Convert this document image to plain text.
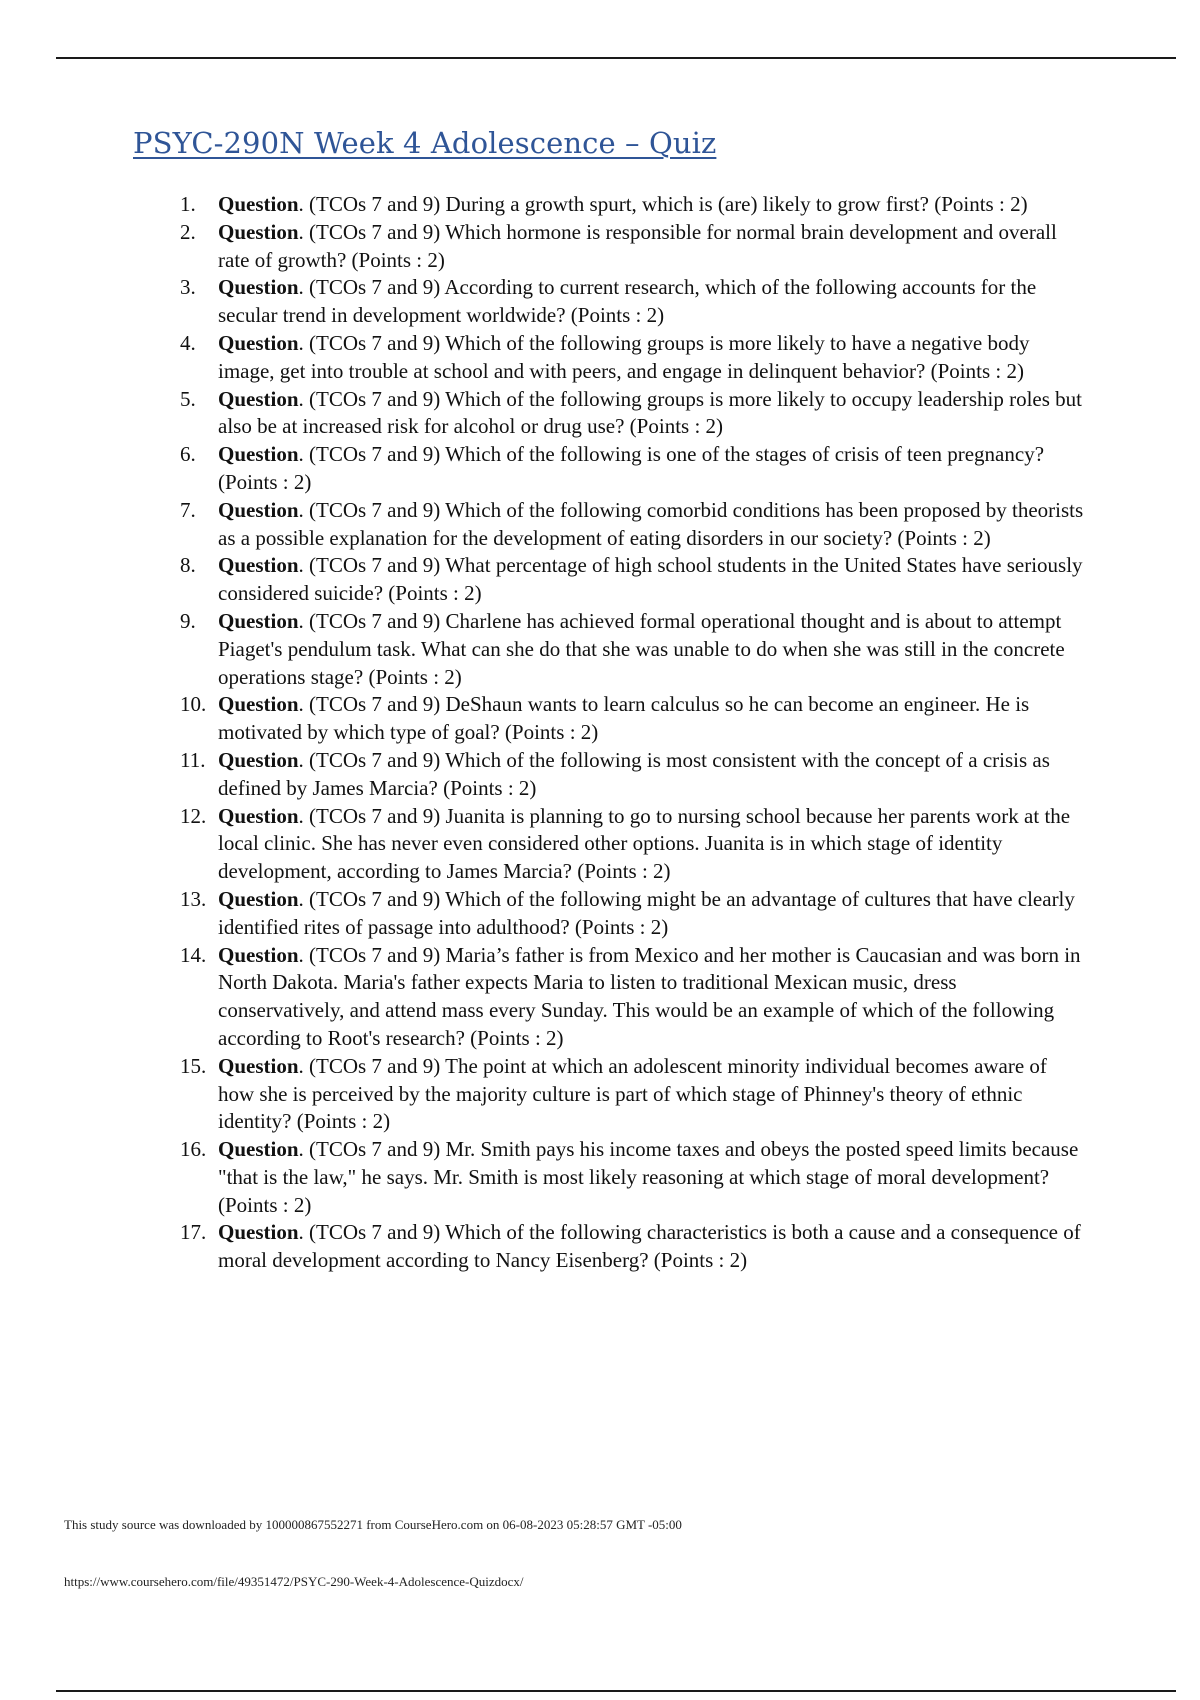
PSYC-290N Week 4 Adolescence – Quiz
1. Question. (TCOs 7 and 9) During a growth spurt, which is (are) likely to grow first? (Points : 2)
2. Question. (TCOs 7 and 9) Which hormone is responsible for normal brain development and overall rate of growth? (Points : 2)
3. Question. (TCOs 7 and 9) According to current research, which of the following accounts for the secular trend in development worldwide? (Points : 2)
4. Question. (TCOs 7 and 9) Which of the following groups is more likely to have a negative body image, get into trouble at school and with peers, and engage in delinquent behavior? (Points : 2)
5. Question. (TCOs 7 and 9) Which of the following groups is more likely to occupy leadership roles but also be at increased risk for alcohol or drug use? (Points : 2)
6. Question. (TCOs 7 and 9) Which of the following is one of the stages of crisis of teen pregnancy? (Points : 2)
7. Question. (TCOs 7 and 9) Which of the following comorbid conditions has been proposed by theorists as a possible explanation for the development of eating disorders in our society? (Points : 2)
8. Question. (TCOs 7 and 9) What percentage of high school students in the United States have seriously considered suicide? (Points : 2)
9. Question. (TCOs 7 and 9) Charlene has achieved formal operational thought and is about to attempt Piaget's pendulum task. What can she do that she was unable to do when she was still in the concrete operations stage? (Points : 2)
10. Question. (TCOs 7 and 9) DeShaun wants to learn calculus so he can become an engineer. He is motivated by which type of goal? (Points : 2)
11. Question. (TCOs 7 and 9) Which of the following is most consistent with the concept of a crisis as defined by James Marcia? (Points : 2)
12. Question. (TCOs 7 and 9) Juanita is planning to go to nursing school because her parents work at the local clinic. She has never even considered other options. Juanita is in which stage of identity development, according to James Marcia? (Points : 2)
13. Question. (TCOs 7 and 9) Which of the following might be an advantage of cultures that have clearly identified rites of passage into adulthood? (Points : 2)
14. Question. (TCOs 7 and 9) Maria’s father is from Mexico and her mother is Caucasian and was born in North Dakota. Maria's father expects Maria to listen to traditional Mexican music, dress conservatively, and attend mass every Sunday. This would be an example of which of the following according to Root's research? (Points : 2)
15. Question. (TCOs 7 and 9) The point at which an adolescent minority individual becomes aware of how she is perceived by the majority culture is part of which stage of Phinney's theory of ethnic identity? (Points : 2)
16. Question. (TCOs 7 and 9) Mr. Smith pays his income taxes and obeys the posted speed limits because "that is the law," he says. Mr. Smith is most likely reasoning at which stage of moral development? (Points : 2)
17. Question. (TCOs 7 and 9) Which of the following characteristics is both a cause and a consequence of moral development according to Nancy Eisenberg? (Points : 2)
This study source was downloaded by 100000867552271 from CourseHero.com on 06-08-2023 05:28:57 GMT -05:00
https://www.coursehero.com/file/49351472/PSYC-290-Week-4-Adolescence-Quizdocx/
